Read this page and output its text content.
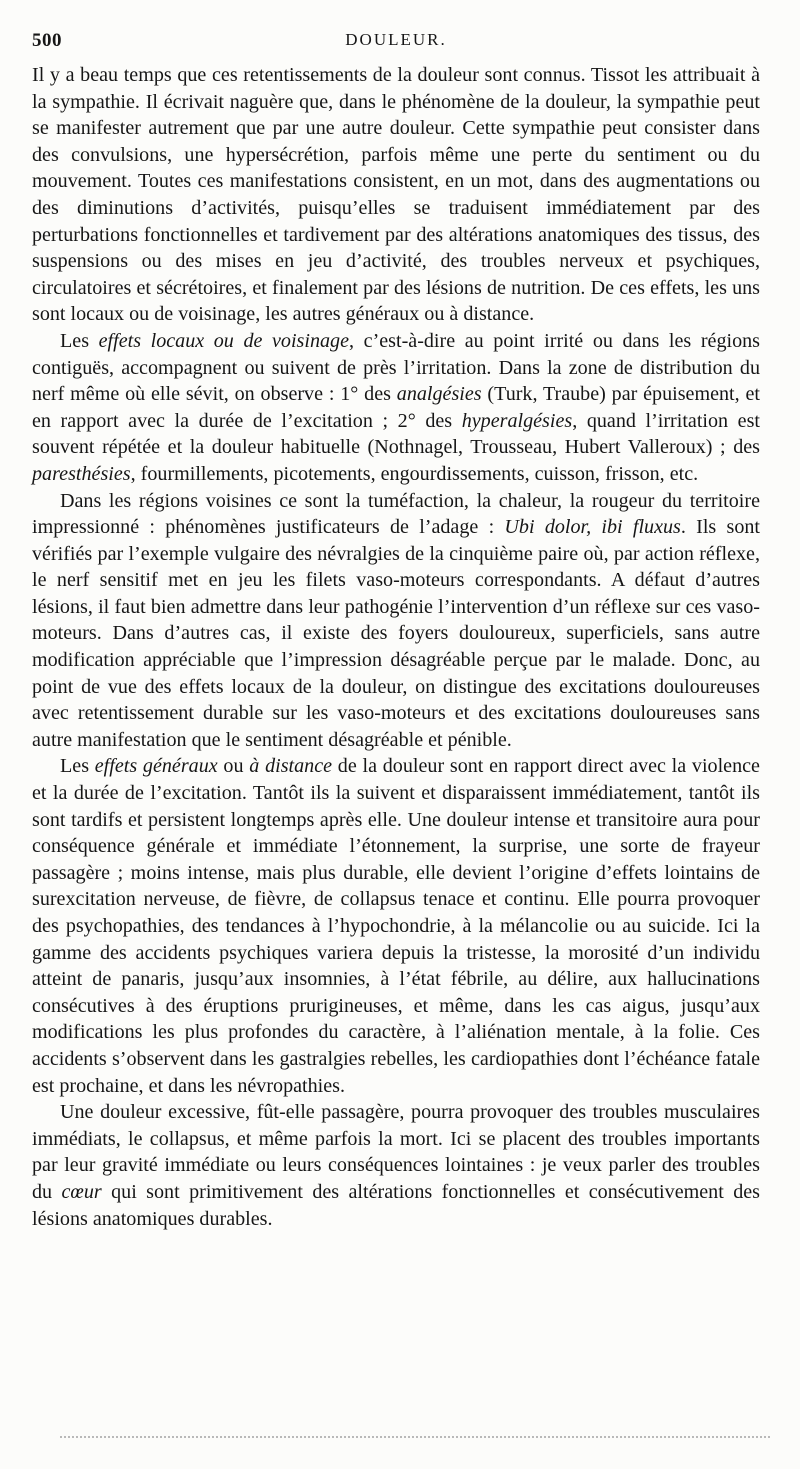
500	DOULEUR.

Il y a beau temps que ces retentissements de la douleur sont connus. Tissot les attribuait à la sympathie. Il écrivait naguère que, dans le phénomène de la douleur, la sympathie peut se manifester autrement que par une autre douleur. Cette sympathie peut consister dans des convulsions, une hypersécrétion, parfois même une perte du sentiment ou du mouvement. Toutes ces manifestations consistent, en un mot, dans des augmentations ou des diminutions d’activités, puisqu’elles se traduisent immédiatement par des perturbations fonctionnelles et tardivement par des altérations anatomiques des tissus, des suspensions ou des mises en jeu d’activité, des troubles nerveux et psychiques, circulatoires et sécrétoires, et finalement par des lésions de nutrition. De ces effets, les uns sont locaux ou de voisinage, les autres généraux ou à distance.

Les effets locaux ou de voisinage, c’est-à-dire au point irrité ou dans les régions contiguës, accompagnent ou suivent de près l’irritation. Dans la zone de distribution du nerf même où elle sévit, on observe : 1° des analgésies (Turk, Traube) par épuisement, et en rapport avec la durée de l’excitation ; 2° des hyperalgésies, quand l’irritation est souvent répétée et la douleur habituelle (Nothnagel, Trousseau, Hubert Valleroux) ; des paresthésies, fourmillements, picotements, engourdissements, cuisson, frisson, etc.

Dans les régions voisines ce sont la tuméfaction, la chaleur, la rougeur du territoire impressionné : phénomènes justificateurs de l’adage : Ubi dolor, ibi fluxus. Ils sont vérifiés par l’exemple vulgaire des névralgies de la cinquième paire où, par action réflexe, le nerf sensitif met en jeu les filets vaso-moteurs correspondants. A défaut d’autres lésions, il faut bien admettre dans leur pathogénie l’intervention d’un réflexe sur ces vaso-moteurs. Dans d’autres cas, il existe des foyers douloureux, superficiels, sans autre modification appréciable que l’impression désagréable perçue par le malade. Donc, au point de vue des effets locaux de la douleur, on distingue des excitations douloureuses avec retentissement durable sur les vaso-moteurs et des excitations douloureuses sans autre manifestation que le sentiment désagréable et pénible.

Les effets généraux ou à distance de la douleur sont en rapport direct avec la violence et la durée de l’excitation. Tantôt ils la suivent et disparaissent immédiatement, tantôt ils sont tardifs et persistent longtemps après elle. Une douleur intense et transitoire aura pour conséquence générale et immédiate l’étonnement, la surprise, une sorte de frayeur passagère ; moins intense, mais plus durable, elle devient l’origine d’effets lointains de surexcitation nerveuse, de fièvre, de collapsus tenace et continu. Elle pourra provoquer des psychopathies, des tendances à l’hypochondrie, à la mélancolie ou au suicide. Ici la gamme des accidents psychiques variera depuis la tristesse, la morosité d’un individu atteint de panaris, jusqu’aux insomnies, à l’état fébrile, au délire, aux hallucinations consécutives à des éruptions prurigineuses, et même, dans les cas aigus, jusqu’aux modifications les plus profondes du caractère, à l’aliénation mentale, à la folie. Ces accidents s’observent dans les gastralgies rebelles, les cardiopathies dont l’échéance fatale est prochaine, et dans les névropathies.

Une douleur excessive, fût-elle passagère, pourra provoquer des troubles musculaires immédiats, le collapsus, et même parfois la mort. Ici se placent des troubles importants par leur gravité immédiate ou leurs conséquences lointaines : je veux parler des troubles du cœur qui sont primitivement des altérations fonctionnelles et consécutivement des lésions anatomiques durables.
